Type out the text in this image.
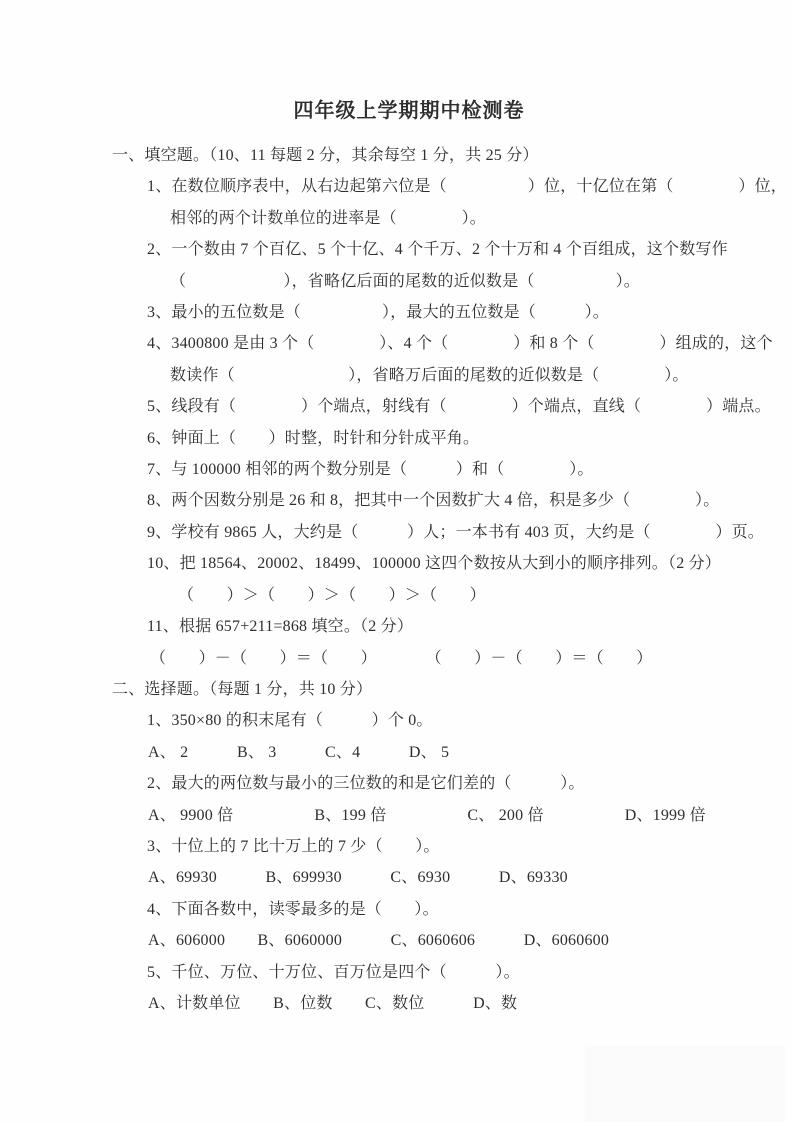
四年级上学期期中检测卷

一、填空题。（10、11 每题 2 分，其余每空 1 分，共 25 分）

1、在数位顺序表中，从右边起第六位是（　　　　　）位，十亿位在第（　　　　）位，

相邻的两个计数单位的进率是（　　　　）。

2、一个数由 7 个百亿、5 个十亿、4 个千万、2 个十万和 4 个百组成，这个数写作

（　　　　　　），省略亿后面的尾数的近似数是（　　　　　）。

3、最小的五位数是（　　　　　），最大的五位数是（　　　）。

4、3400800 是由 3 个（　　　　）、4 个（　　　　）和 8 个（　　　　）组成的，这个

数读作（　　　　　　　），省略万后面的尾数的近似数是（　　　　）。

5、线段有（　　　　）个端点，射线有（　　　　）个端点，直线（　　　　）端点。

6、钟面上（　　）时整，时针和分针成平角。

7、与 100000 相邻的两个数分别是（　　　）和（　　　　）。

8、两个因数分别是 26 和 8，把其中一个因数扩大 4 倍，积是多少（　　　　）。

9、学校有 9865 人，大约是（　　　）人；一本书有 403 页，大约是（　　　　）页。

10、把 18564、20002、18499、100000 这四个数按从大到小的顺序排列。（2 分）

（　　）＞（　　）＞（　　）＞（　　）

11、根据 657+211=868 填空。（2 分）

（　　）－（　　）＝（　　）　　　　（　　）－（　　）＝（　　）

二、选择题。（每题 1 分，共 10 分）

1、350×80 的积末尾有（　　　）个 0。

A、 2　　　B、 3　　　C、4　　　D、 5

2、最大的两位数与最小的三位数的和是它们差的（　　　）。

A、 9900 倍　　　　　B、199 倍　　　　　C、 200 倍　　　　　D、1999 倍

3、十位上的 7 比十万上的 7 少（　　）。

A、69930　　　B、699930　　　C、6930　　　D、69330

4、下面各数中，读零最多的是（　　）。

A、606000　　B、6060000　　　C、6060606　　　D、6060600

5、千位、万位、十万位、百万位是四个（　　　）。

A、计数单位　　B、位数　　C、数位　　　D、数
